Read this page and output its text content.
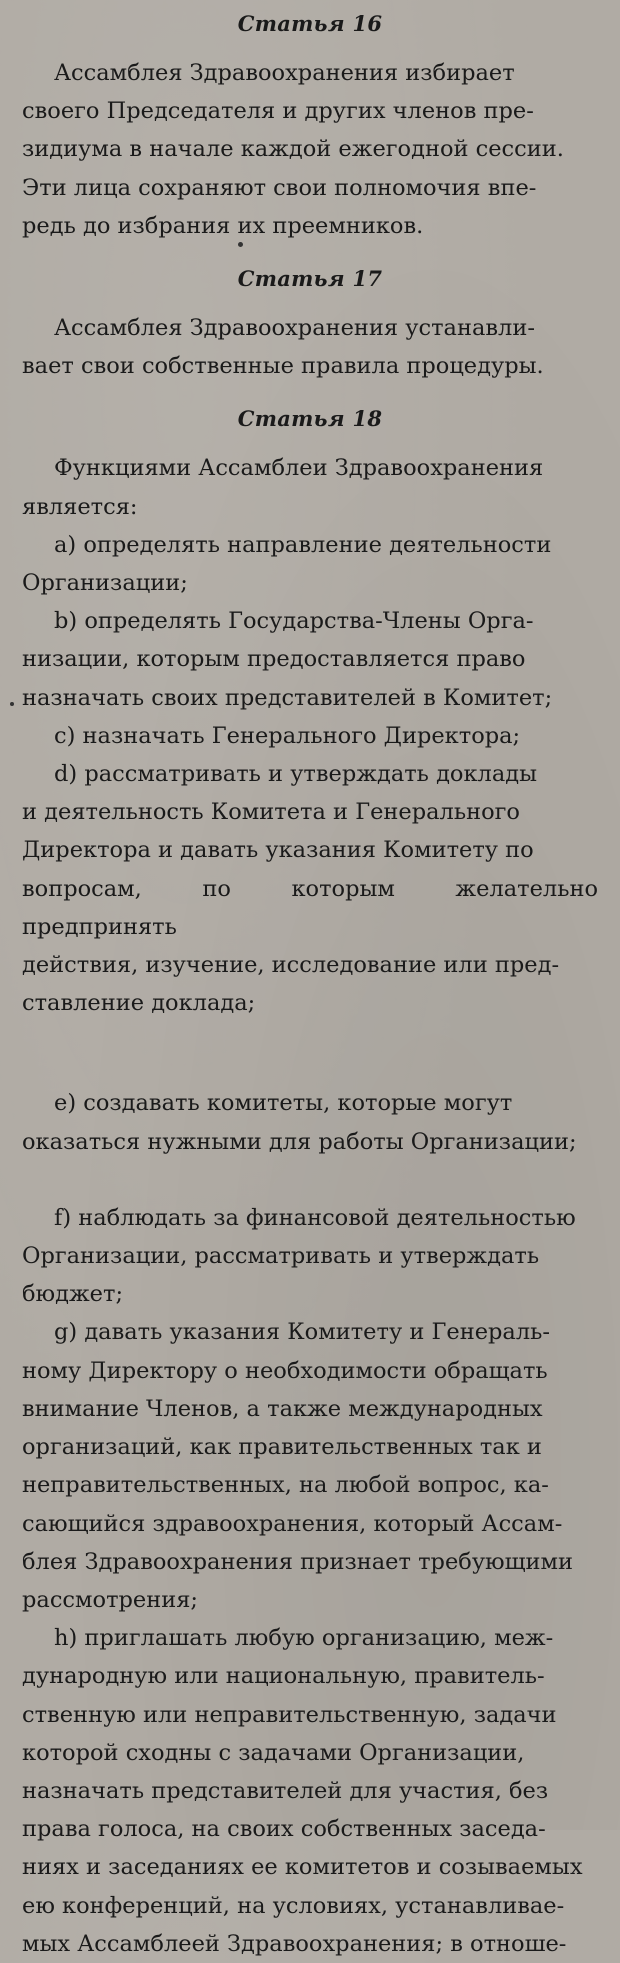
Статья 16

Ассамблея Здравоохранения избирает

своего Председателя и других членов пре-

зидиума в начале каждой ежегодной сессии.

Эти лица сохраняют свои полномочия впе-

редь до избрания их преемников.

Статья 17

Ассамблея Здравоохранения устанавли-

вает свои собственные правила процедуры.

Статья 18

Функциями Ассамблеи Здравоохранения

является:

a) определять направление деятельности

Организации;

b) определять Государства-Члены Орга-

низации, которым предоставляется право

назначать своих представителей в Комитет;

c) назначать Генерального Директора;

d) рассматривать и утверждать доклады

и деятельность Комитета и Генерального

Директора и давать указания Комитету по

вопросам, по которым желательно предпринять

действия, изучение, исследование или пред-

ставление доклада;

e) создавать комитеты, которые могут

оказаться нужными для работы Организации;

f) наблюдать за финансовой деятельностью

Организации, рассматривать и утверждать

бюджет;

g) давать указания Комитету и Генераль-

ному Директору о необходимости обращать

внимание Членов, а также международных

организаций, как правительственных так и

неправительственных, на любой вопрос, ка-

сающийся здравоохранения, который Ассам-

блея Здравоохранения признает требующими

рассмотрения;

h) приглашать любую организацию, меж-

дународную или национальную, правитель-

ственную или неправительственную, задачи

которой сходны с задачами Организации,

назначать представителей для участия, без

права голоса, на своих собственных заседа-

ниях и заседаниях ее комитетов и созываемых

ею конференций, на условиях, устанавливае-

мых Ассамблеей Здравоохранения; в отноше-
